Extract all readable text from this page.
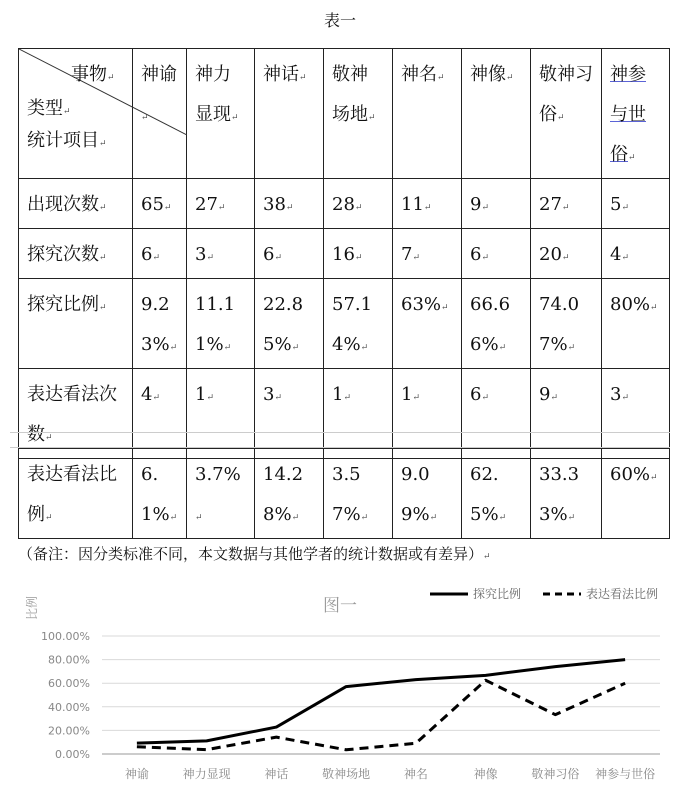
表一
事物↵
类型↵
统计项目↵	神谕↵	神力显现↵	神话↵	敬神场地↵	神名↵	神像↵	敬神习俗↵	神参与世俗↵
出现次数↵	65↵	27↵	38↵	28↵	11↵	9↵	27↵	5↵
探究次数↵	6↵	3↵	6↵	16↵	7↵	6↵	20↵	4↵
探究比例↵	9.23%↵	11.11%↵	22.85%↵	57.14%↵	63%↵	66.66%↵	74.07%↵	80%↵
表达看法次数↵	4↵	1↵	3↵	1↵	1↵	6↵	9↵	3↵
表达看法比例↵	6.1%↵	3.7%↵	14.28%↵	3.57%↵	9.09%↵	62.5%↵	33.33%↵	60%↵
（备注：因分类标准不同，本文数据与其他学者的统计数据或有差异）↵
0.00%
20.00%
40.00%
60.00%
80.00%
100.00%
神谕	神力显现	神话	敬神场地	神名	神像	敬神习俗 神参与世俗
图一
比例
探究比例	表达看法比例
